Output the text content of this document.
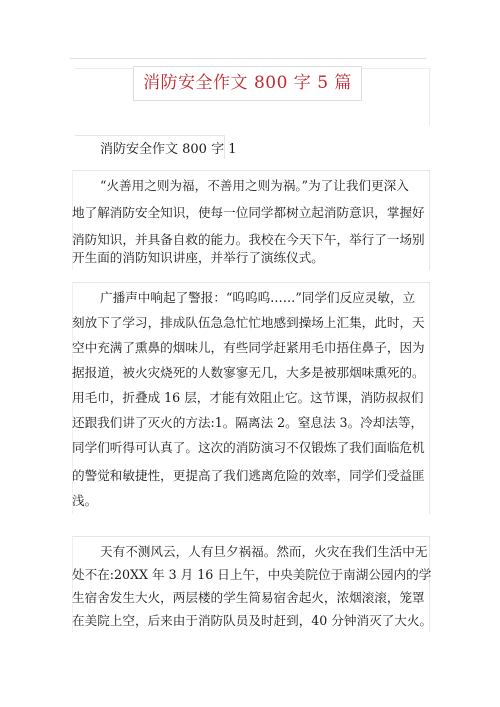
消防安全作文 800 字 5 篇
消防安全作文 800 字 1
“火善用之则为福，不善用之则为祸。”为了让我们更深入
地了解消防安全知识，使每一位同学都树立起消防意识，掌握好
消防知识，并具备自救的能力。我校在今天下午，举行了一场别
开生面的消防知识讲座，并举行了演练仪式。
广播声中响起了警报：“呜呜呜……”同学们反应灵敏，立
刻放下了学习，排成队伍急急忙忙地感到操场上汇集，此时，天
空中充满了熏鼻的烟味儿，有些同学赶紧用毛巾捂住鼻子，因为
据报道，被火灾烧死的人数寥寥无几，大多是被那烟味熏死的。
用毛巾，折叠成 16 层，才能有效阻止它。这节课，消防叔叔们
还跟我们讲了灭火的方法:1。隔离法 2。窒息法 3。冷却法等，
同学们听得可认真了。这次的消防演习不仅锻炼了我们面临危机
的警觉和敏捷性，更提高了我们逃离危险的效率，同学们受益匪
浅。
天有不测风云，人有旦夕祸福。然而，火灾在我们生活中无
处不在:20XX 年 3 月 16 日上午，中央美院位于南湖公园内的学
生宿舍发生大火，两层楼的学生简易宿舍起火，浓烟滚滚，笼罩
在美院上空，后来由于消防队员及时赶到，40 分钟消灭了大火。
